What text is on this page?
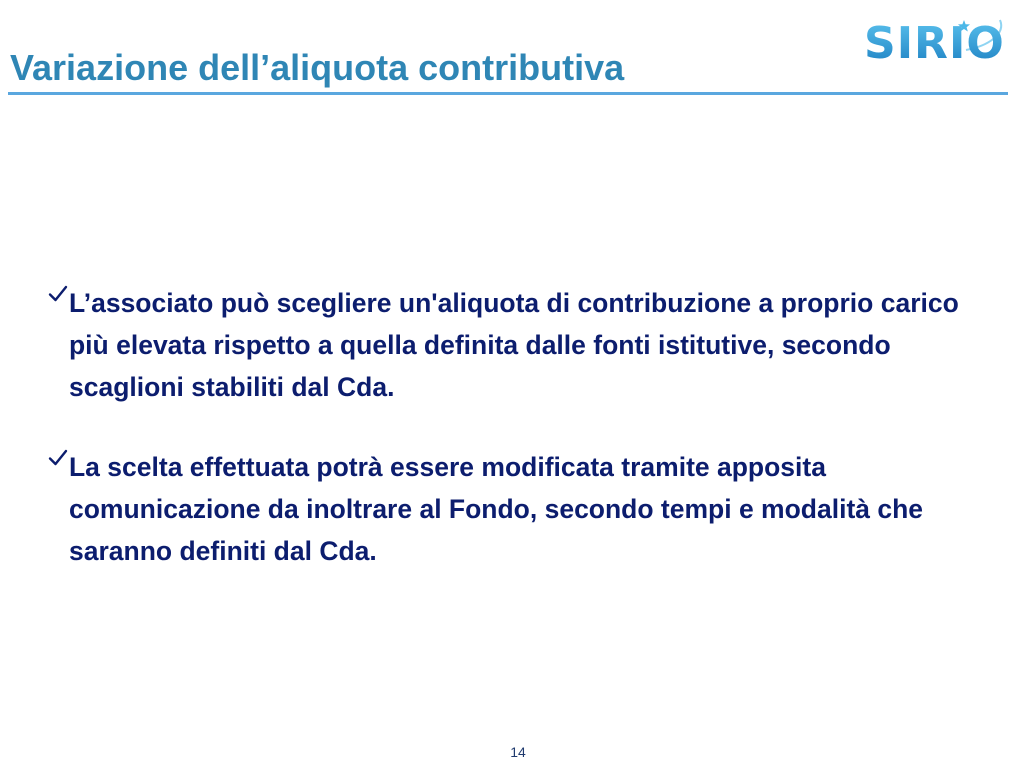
Variazione dell’aliquota contributiva	SIRIO
L’associato può scegliere un'aliquota di contribuzione a proprio carico più elevata rispetto a quella definita dalle fonti istitutive, secondo scaglioni stabiliti dal Cda.
La scelta effettuata potrà essere modificata tramite apposita comunicazione da inoltrare al Fondo, secondo tempi e modalità che saranno definiti dal Cda.
14
